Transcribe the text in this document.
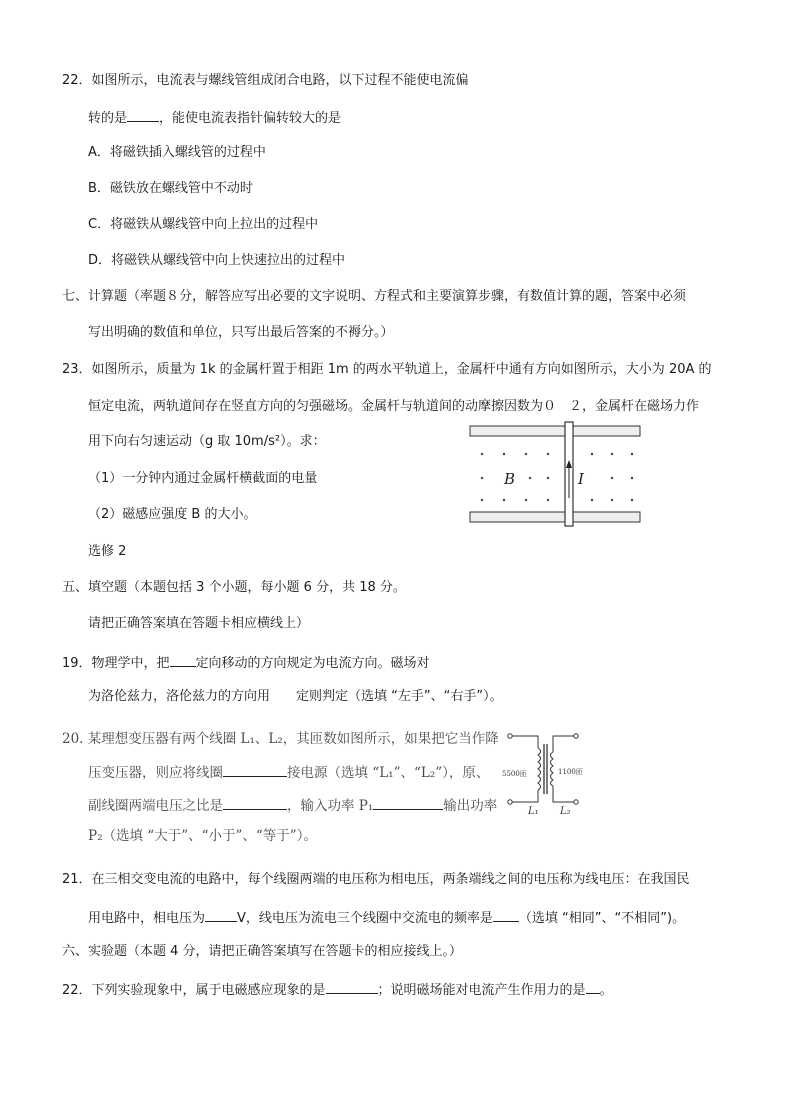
22．如图所示，电流表与螺线管组成闭合电路，以下过程不能使电流偏
转的是 ，能使电流表指针偏转较大的是
A．将磁铁插入螺线管的过程中
B．磁铁放在螺线管中不动时
C．将磁铁从螺线管中向上拉出的过程中
D．将磁铁从螺线管中向上快速拉出的过程中
七、计算题（率题８分，解答应写出必要的文字说明、方程式和主要演算步骤，有数值计算的题，答案中必须
写出明确的数值和单位，只写出最后答案的不褥分。）
23．如图所示，质量为 1k 的金属杆置于相距 1m 的两水平轨道上，金属杆中通有方向如图所示，大小为 20A 的
恒定电流，两轨道间存在竖直方向的匀强磁场。金属杆与轨道间的动摩擦因数为０　２，金属杆在磁场力作
用下向右匀速运动（g 取 10m/s²）。求：
（1）一分钟内通过金属杆横截面的电量
（2）磁感应强度 B 的大小。
B	I
选修 2
五、填空题（本题包括 3 个小题，每小题 6 分，共 18 分。
请把正确答案填在答题卡相应横线上）
19．物理学中，把 定向移动的方向规定为电流方向。磁场对
为洛伦兹力，洛伦兹力的方向用　　定则判定（选填 “左手”、“右手”）。
20. 某理想变压器有两个线圈 L₁、L₂，其匝数如图所示，如果把它当作降
压变压器，则应将线圈	接电源（选填 “L₁”、“L₂”），原、
副线圈两端电压之比是	，输入功率 P₁	输出功率
P₂（选填 “大于”、“小于”、“等于”）。
5500匝	1100匝
L₁ L₂
21．在三相交变电流的电路中，每个线圈两端的电压称为相电压，两条端线之间的电压称为线电压：在我国民
用电路中，相电压为 V，线电压为流电三个线圈中交流电的频率是 （选填 “相同”、“不相同”)。
六、实验题（本题 4 分，请把正确答案填写在答题卡的相应接线上。）
22．下列实验现象中，属于电磁感应现象的是	；说明磁场能对电流产生作用力的是 。
